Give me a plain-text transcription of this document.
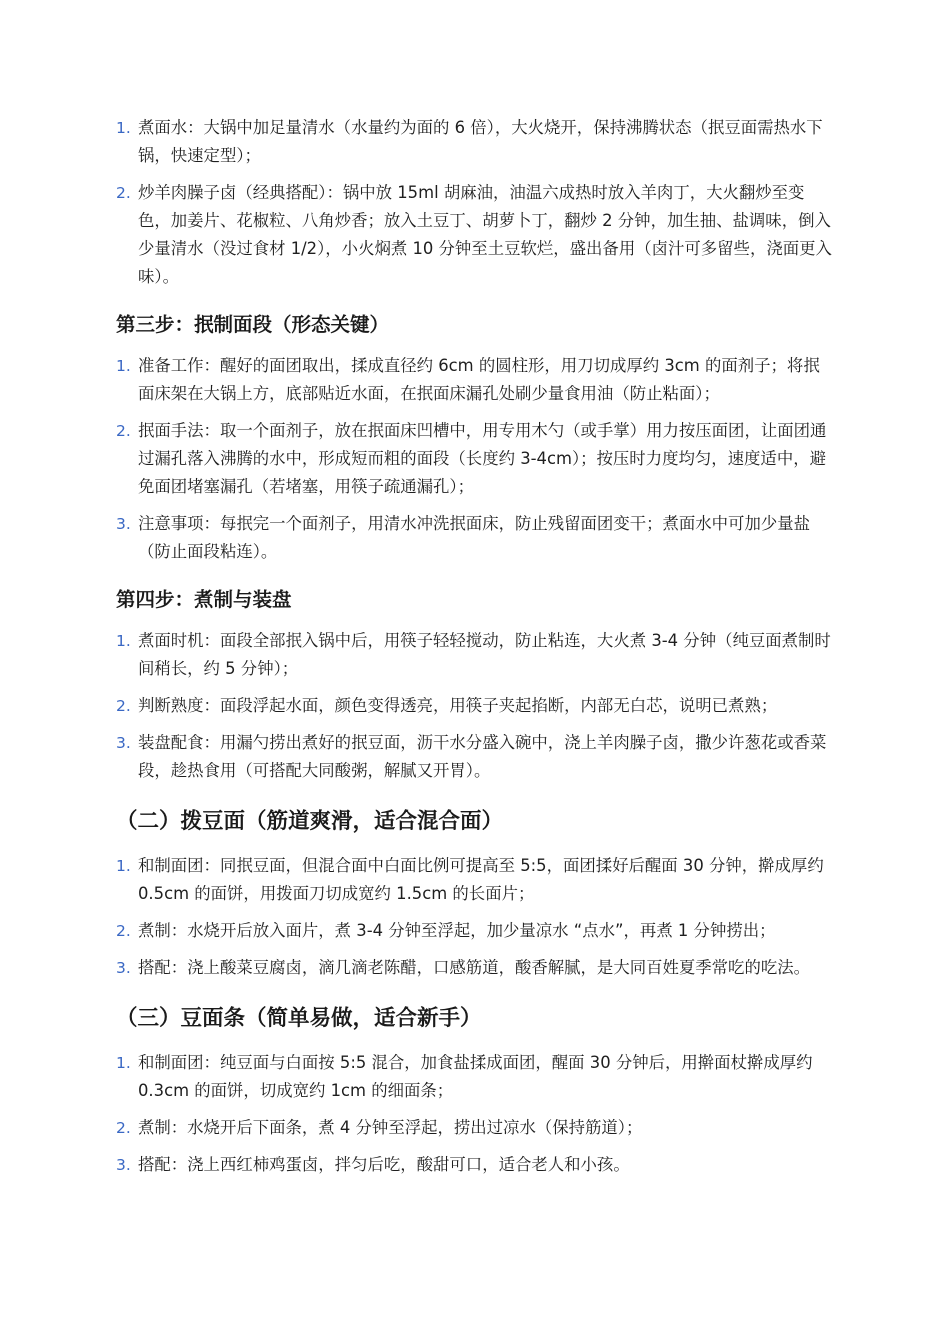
1. 煮面水：大锅中加足量清水（水量约为面的 6 倍），大火烧开，保持沸腾状态（抿豆面需热水下锅，快速定型）；
2. 炒羊肉臊子卤（经典搭配）：锅中放 15ml 胡麻油，油温六成热时放入羊肉丁，大火翻炒至变色，加姜片、花椒粒、八角炒香；放入土豆丁、胡萝卜丁，翻炒 2 分钟，加生抽、盐调味，倒入少量清水（没过食材 1/2），小火焖煮 10 分钟至土豆软烂，盛出备用（卤汁可多留些，浇面更入味）。
第三步：抿制面段（形态关键）
1. 准备工作：醒好的面团取出，揉成直径约 6cm 的圆柱形，用刀切成厚约 3cm 的面剂子；将抿面床架在大锅上方，底部贴近水面，在抿面床漏孔处刷少量食用油（防止粘面）；
2. 抿面手法：取一个面剂子，放在抿面床凹槽中，用专用木勺（或手掌）用力按压面团，让面团通过漏孔落入沸腾的水中，形成短而粗的面段（长度约 3-4cm）；按压时力度均匀，速度适中，避免面团堵塞漏孔（若堵塞，用筷子疏通漏孔）；
3. 注意事项：每抿完一个面剂子，用清水冲洗抿面床，防止残留面团变干；煮面水中可加少量盐（防止面段粘连）。
第四步：煮制与装盘
1. 煮面时机：面段全部抿入锅中后，用筷子轻轻搅动，防止粘连，大火煮 3-4 分钟（纯豆面煮制时间稍长，约 5 分钟）；
2. 判断熟度：面段浮起水面，颜色变得透亮，用筷子夹起掐断，内部无白芯，说明已煮熟；
3. 装盘配食：用漏勺捞出煮好的抿豆面，沥干水分盛入碗中，浇上羊肉臊子卤，撒少许葱花或香菜段，趁热食用（可搭配大同酸粥，解腻又开胃）。
（二）拨豆面（筋道爽滑，适合混合面）
1. 和制面团：同抿豆面，但混合面中白面比例可提高至 5:5，面团揉好后醒面 30 分钟，擀成厚约 0.5cm 的面饼，用拨面刀切成宽约 1.5cm 的长面片；
2. 煮制：水烧开后放入面片，煮 3-4 分钟至浮起，加少量凉水 “点水”，再煮 1 分钟捞出；
3. 搭配：浇上酸菜豆腐卤，滴几滴老陈醋，口感筋道，酸香解腻，是大同百姓夏季常吃的吃法。
（三）豆面条（简单易做，适合新手）
1. 和制面团：纯豆面与白面按 5:5 混合，加食盐揉成面团，醒面 30 分钟后，用擀面杖擀成厚约 0.3cm 的面饼，切成宽约 1cm 的细面条；
2. 煮制：水烧开后下面条，煮 4 分钟至浮起，捞出过凉水（保持筋道）；
3. 搭配：浇上西红柿鸡蛋卤，拌匀后吃，酸甜可口，适合老人和小孩。
